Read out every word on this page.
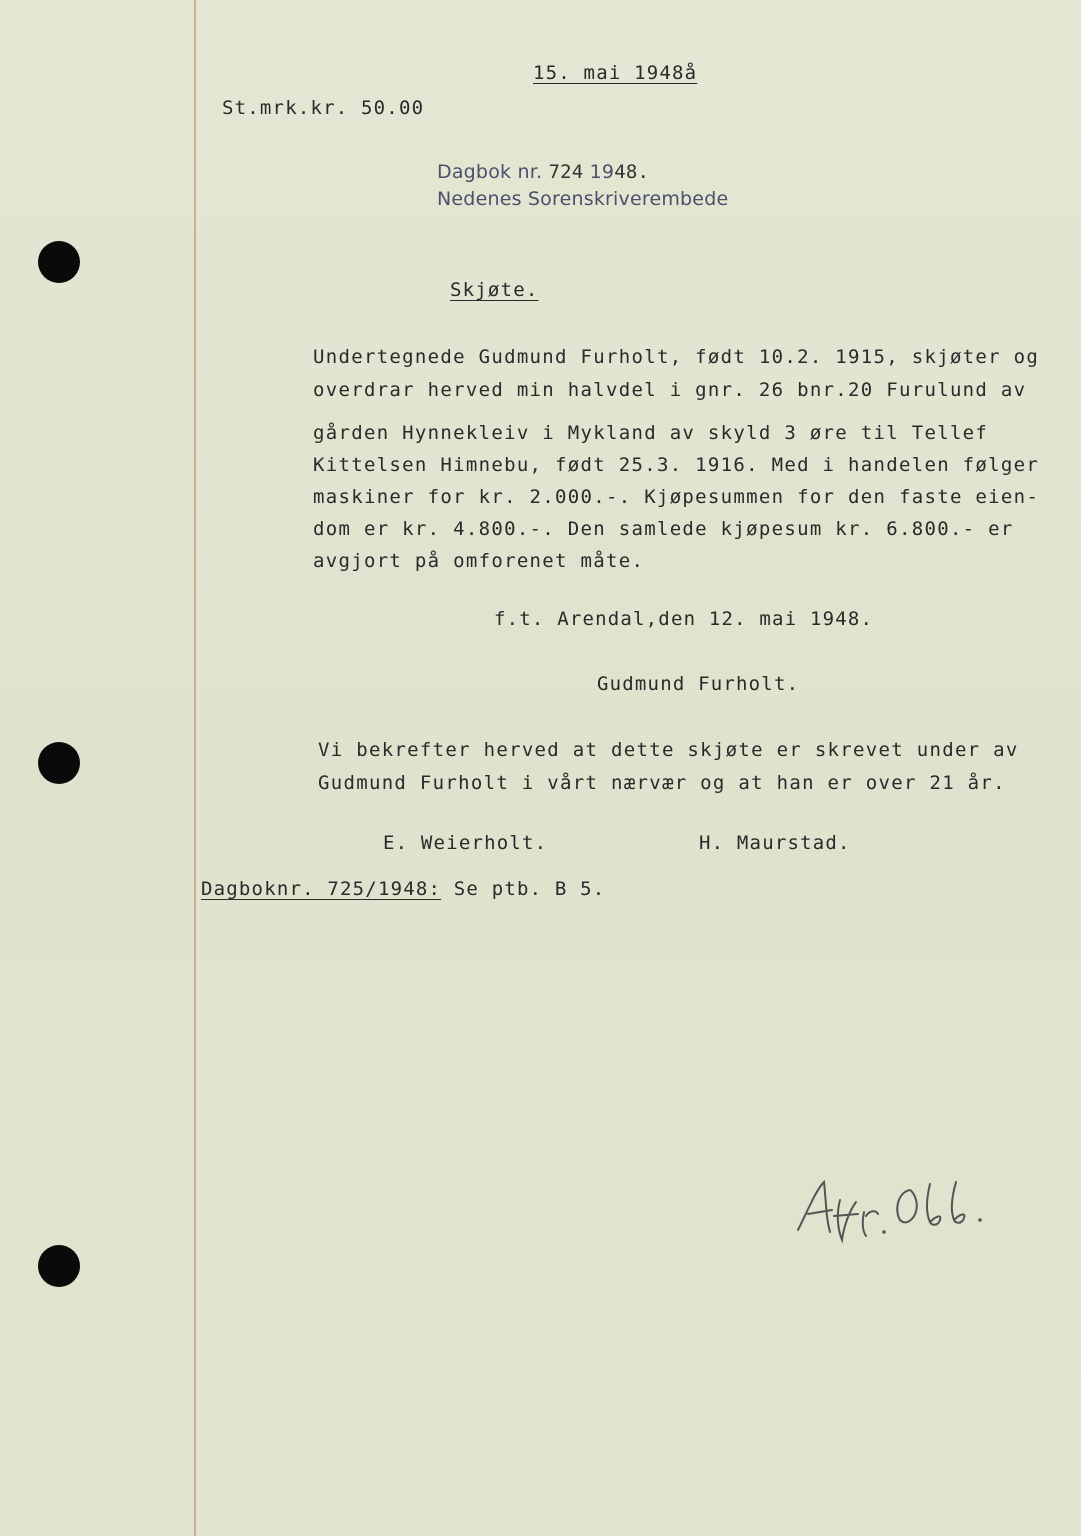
15. mai 1948å
St.mrk.kr. 50.00
Dagbok nr. 724 1948.
Nedenes Sorenskriverembede
Skjøte.

Undertegnede Gudmund Furholt, født 10.2. 1915, skjøter og

overdrar herved min halvdel i gnr. 26 bnr.20 Furulund av

gården Hynnekleiv i Mykland av skyld 3 øre til Tellef

Kittelsen Himnebu, født 25.3. 1916. Med i handelen følger

maskiner for kr. 2.000.-. Kjøpesummen for den faste eien-

dom er kr. 4.800.-. Den samlede kjøpesum kr. 6.800.- er

avgjort på omforenet måte.

f.t. Arendal,den 12. mai 1948.
Gudmund Furholt.

Vi bekrefter herved at dette skjøte er skrevet under av

Gudmund Furholt i vårt nærvær og at han er over 21 år.

E. Weierholt.	H. Maurstad.
Dagboknr. 725/1948: Se ptb. B 5.
